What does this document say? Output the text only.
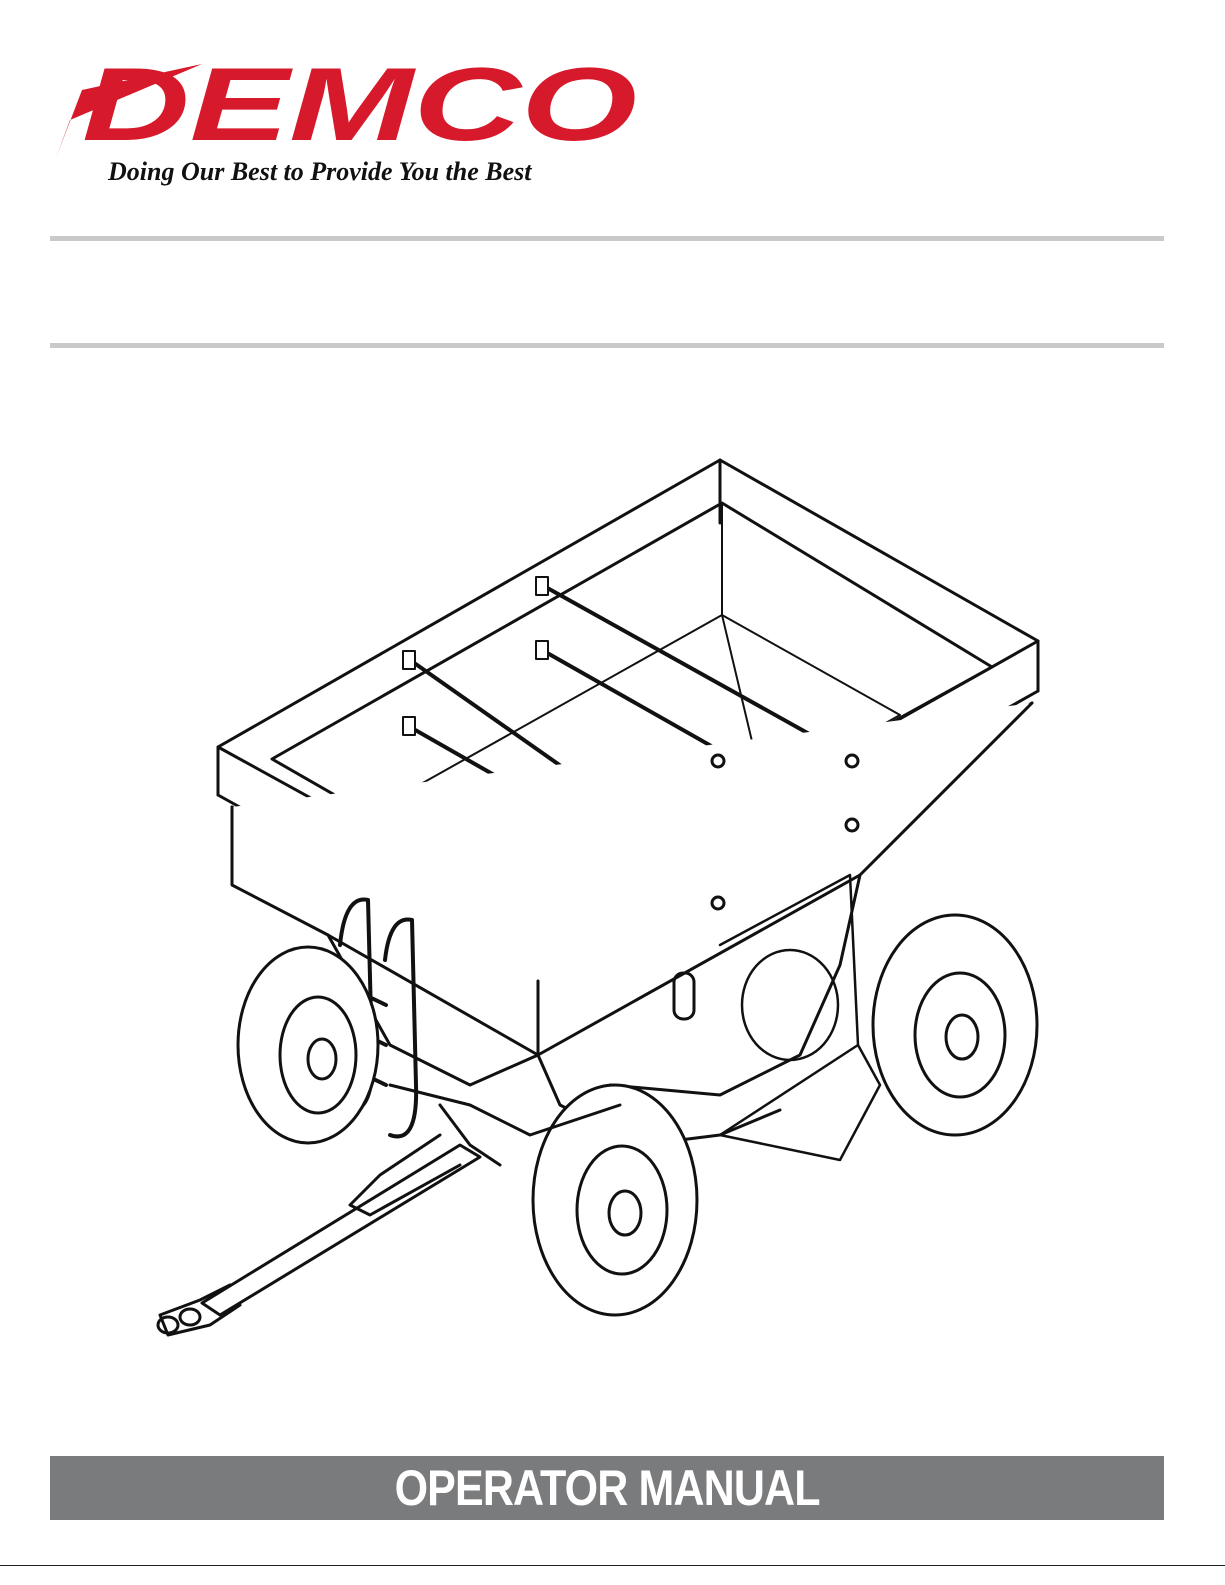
DEMCO

Doing Our Best to Provide You the Best

OPERATOR MANUAL
